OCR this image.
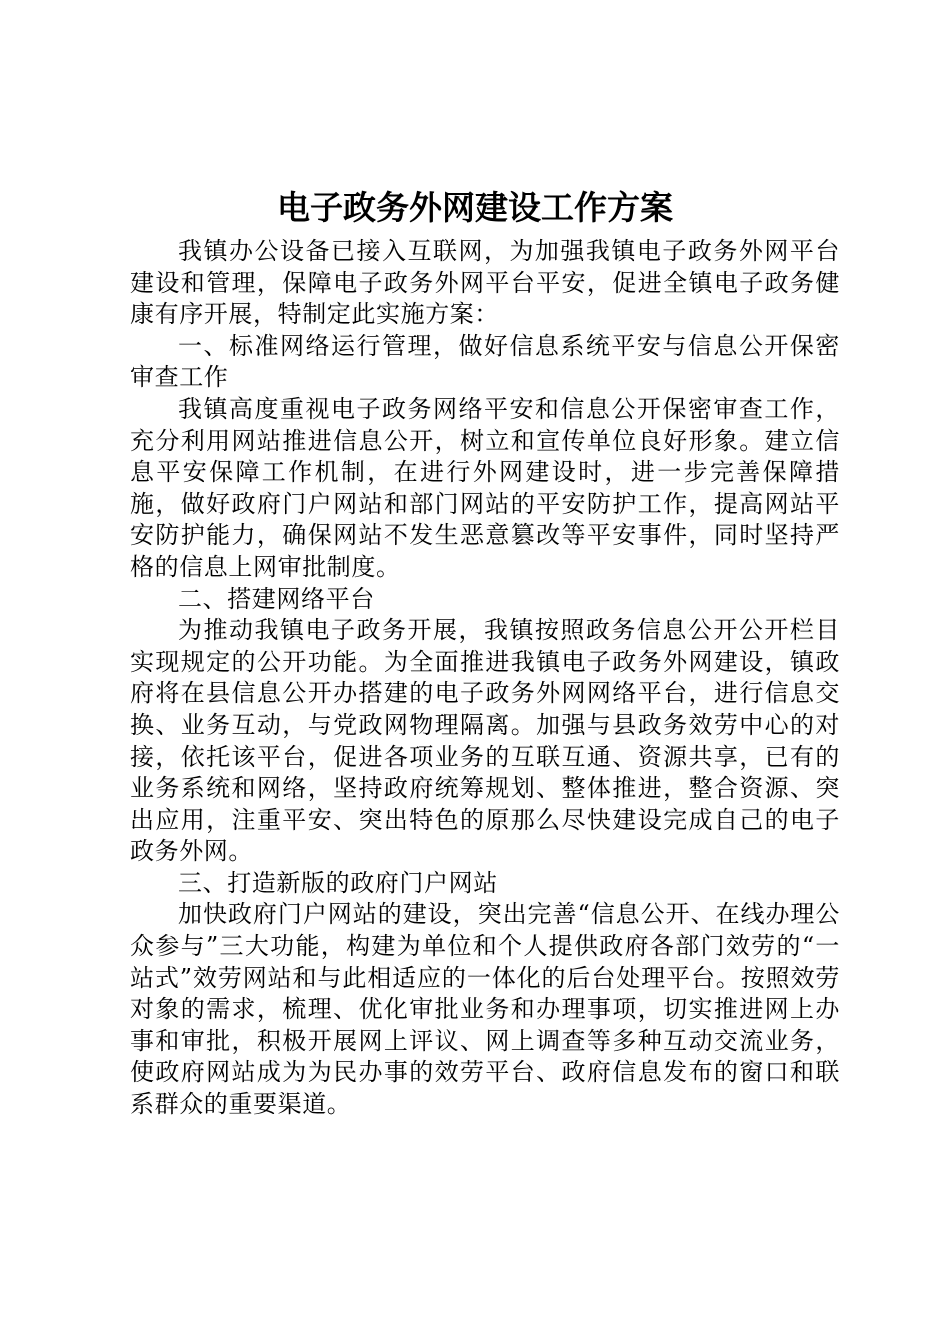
电子政务外网建设工作方案

我镇办公设备已接入互联网，为加强我镇电子政务外网平台建设和管理，保障电子政务外网平台平安，促进全镇电子政务健康有序开展，特制定此实施方案：

一、标准网络运行管理，做好信息系统平安与信息公开保密审查工作

我镇高度重视电子政务网络平安和信息公开保密审查工作，充分利用网站推进信息公开，树立和宣传单位良好形象。建立信息平安保障工作机制，在进行外网建设时，进一步完善保障措施，做好政府门户网站和部门网站的平安防护工作，提高网站平安防护能力，确保网站不发生恶意篡改等平安事件，同时坚持严格的信息上网审批制度。

二、搭建网络平台

为推动我镇电子政务开展，我镇按照政务信息公开公开栏目实现规定的公开功能。为全面推进我镇电子政务外网建设，镇政府将在县信息公开办搭建的电子政务外网网络平台，进行信息交换、业务互动，与党政网物理隔离。加强与县政务效劳中心的对接，依托该平台，促进各项业务的互联互通、资源共享，已有的业务系统和网络，坚持政府统筹规划、整体推进，整合资源、突出应用，注重平安、突出特色的原那么尽快建设完成自己的电子政务外网。

三、打造新版的政府门户网站

加快政府门户网站的建设，突出完善“信息公开、在线办理公众参与”三大功能，构建为单位和个人提供政府各部门效劳的“一站式”效劳网站和与此相适应的一体化的后台处理平台。按照效劳对象的需求，梳理、优化审批业务和办理事项，切实推进网上办事和审批，积极开展网上评议、网上调查等多种互动交流业务，使政府网站成为为民办事的效劳平台、政府信息发布的窗口和联系群众的重要渠道。
